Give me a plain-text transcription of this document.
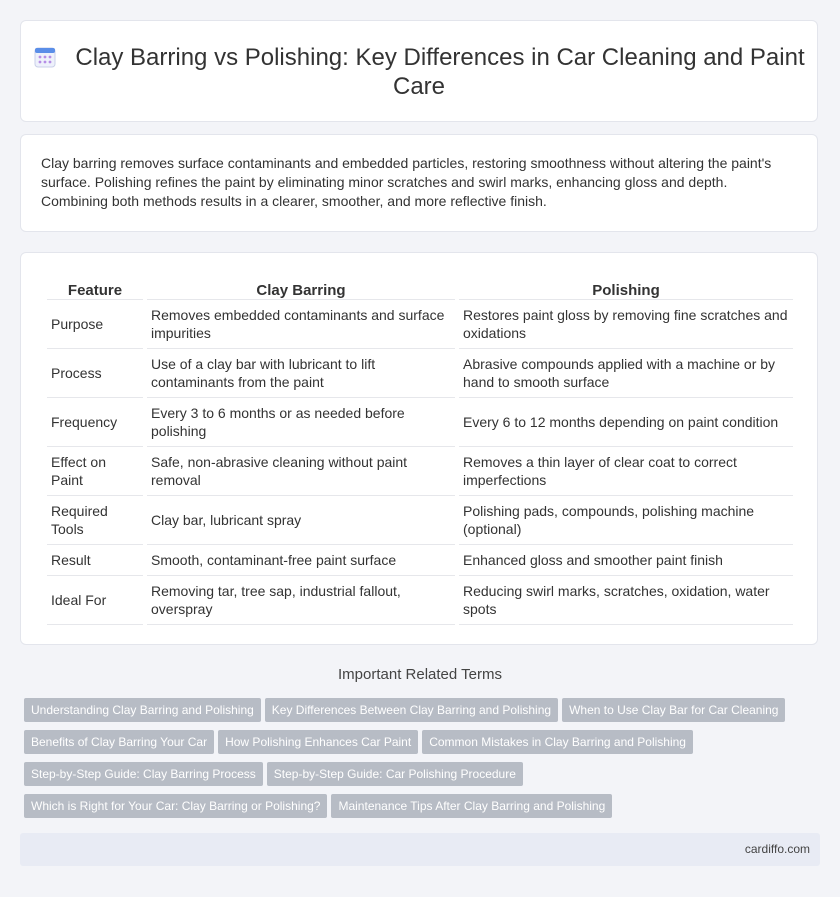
Clay Barring vs Polishing: Key Differences in Car Cleaning and Paint Care

Clay barring removes surface contaminants and embedded particles, restoring smoothness without altering the paint's surface. Polishing refines the paint by eliminating minor scratches and swirl marks, enhancing gloss and depth. Combining both methods results in a clearer, smoother, and more reflective finish.

Feature	Clay Barring	Polishing
Purpose	Removes embedded contaminants and surface impurities	Restores paint gloss by removing fine scratches and oxidations
Process	Use of a clay bar with lubricant to lift contaminants from the paint	Abrasive compounds applied with a machine or by hand to smooth surface
Frequency	Every 3 to 6 months or as needed before polishing	Every 6 to 12 months depending on paint condition
Effect on Paint	Safe, non-abrasive cleaning without paint removal	Removes a thin layer of clear coat to correct imperfections
Required Tools	Clay bar, lubricant spray	Polishing pads, compounds, polishing machine (optional)
Result	Smooth, contaminant-free paint surface	Enhanced gloss and smoother paint finish
Ideal For	Removing tar, tree sap, industrial fallout, overspray	Reducing swirl marks, scratches, oxidation, water spots
Important Related Terms
Understanding Clay Barring and Polishing Key Differences Between Clay Barring and Polishing When to Use Clay Bar for Car Cleaning
Benefits of Clay Barring Your Car How Polishing Enhances Car Paint Common Mistakes in Clay Barring and Polishing
Step-by-Step Guide: Clay Barring Process Step-by-Step Guide: Car Polishing Procedure
Which is Right for Your Car: Clay Barring or Polishing? Maintenance Tips After Clay Barring and Polishing
cardiffo.com
